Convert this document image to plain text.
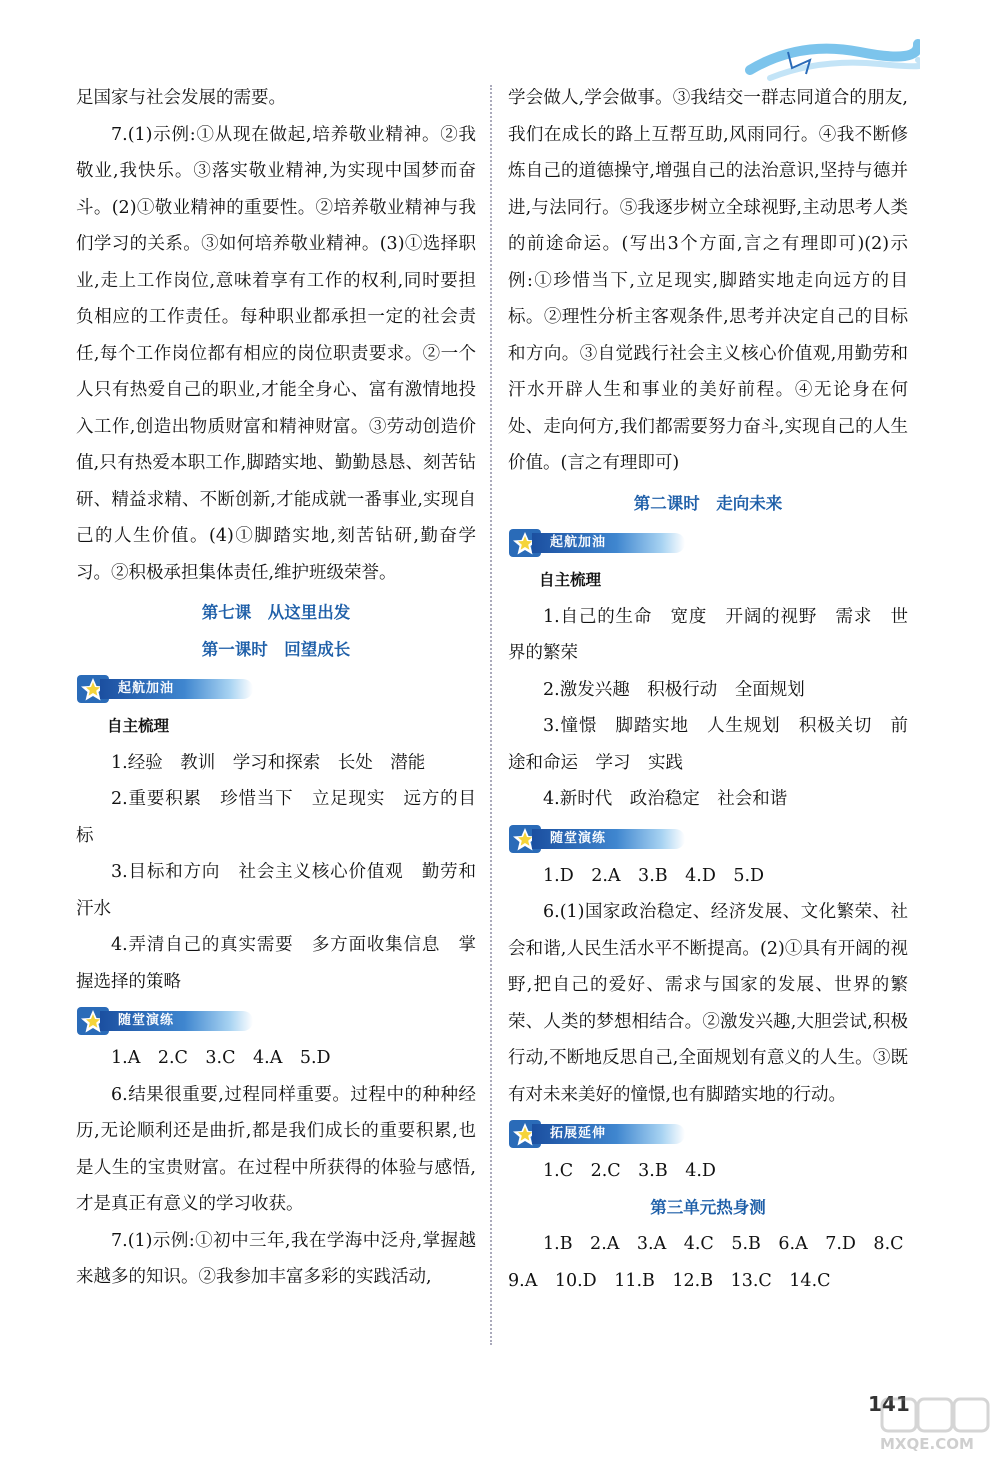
足国家与社会发展的需要。

7.(1)示例:①从现在做起,培养敬业精神。②我敬业,我快乐。③落实敬业精神,为实现中国梦而奋斗。(2)①敬业精神的重要性。②培养敬业精神与我们学习的关系。③如何培养敬业精神。(3)①选择职业,走上工作岗位,意味着享有工作的权利,同时要担负相应的工作责任。每种职业都承担一定的社会责任,每个工作岗位都有相应的岗位职责要求。②一个人只有热爱自己的职业,才能全身心、富有激情地投入工作,创造出物质财富和精神财富。③劳动创造价值,只有热爱本职工作,脚踏实地、勤勤恳恳、刻苦钻研、精益求精、不断创新,才能成就一番事业,实现自己的人生价值。(4)①脚踏实地,刻苦钻研,勤奋学习。②积极承担集体责任,维护班级荣誉。

第七课　从这里出发

第一课时　回望成长

起航加油

自主梳理

1.经验　教训　学习和探索　长处　潜能

2.重要积累　珍惜当下　立足现实　远方的目标

3.目标和方向　社会主义核心价值观　勤劳和汗水

4.弄清自己的真实需要　多方面收集信息　掌握选择的策略

随堂演练

1.A　2.C　3.C　4.A　5.D

6.结果很重要,过程同样重要。过程中的种种经历,无论顺利还是曲折,都是我们成长的重要积累,也是人生的宝贵财富。在过程中所获得的体验与感悟,才是真正有意义的学习收获。

7.(1)示例:①初中三年,我在学海中泛舟,掌握越来越多的知识。②我参加丰富多彩的实践活动,

学会做人,学会做事。③我结交一群志同道合的朋友,我们在成长的路上互帮互助,风雨同行。④我不断修炼自己的道德操守,增强自己的法治意识,坚持与德并进,与法同行。⑤我逐步树立全球视野,主动思考人类的前途命运。(写出3个方面,言之有理即可)(2)示例:①珍惜当下,立足现实,脚踏实地走向远方的目标。②理性分析主客观条件,思考并决定自己的目标和方向。③自觉践行社会主义核心价值观,用勤劳和汗水开辟人生和事业的美好前程。④无论身在何处、走向何方,我们都需要努力奋斗,实现自己的人生价值。(言之有理即可)

第二课时　走向未来

起航加油

自主梳理

1.自己的生命　宽度　开阔的视野　需求　世界的繁荣

2.激发兴趣　积极行动　全面规划

3.憧憬　脚踏实地　人生规划　积极关切　前途和命运　学习　实践

4.新时代　政治稳定　社会和谐

随堂演练

1.D　2.A　3.B　4.D　5.D

6.(1)国家政治稳定、经济发展、文化繁荣、社会和谐,人民生活水平不断提高。(2)①具有开阔的视野,把自己的爱好、需求与国家的发展、世界的繁荣、人类的梦想相结合。②激发兴趣,大胆尝试,积极行动,不断地反思自己,全面规划有意义的人生。③既有对未来美好的憧憬,也有脚踏实地的行动。

拓展延伸

1.C　2.C　3.B　4.D

第三单元热身测

1.B　2.A　3.A　4.C　5.B　6.A　7.D　8.C

9.A　10.D　11.B　12.B　13.C　14.C

141
MXQE.COM
